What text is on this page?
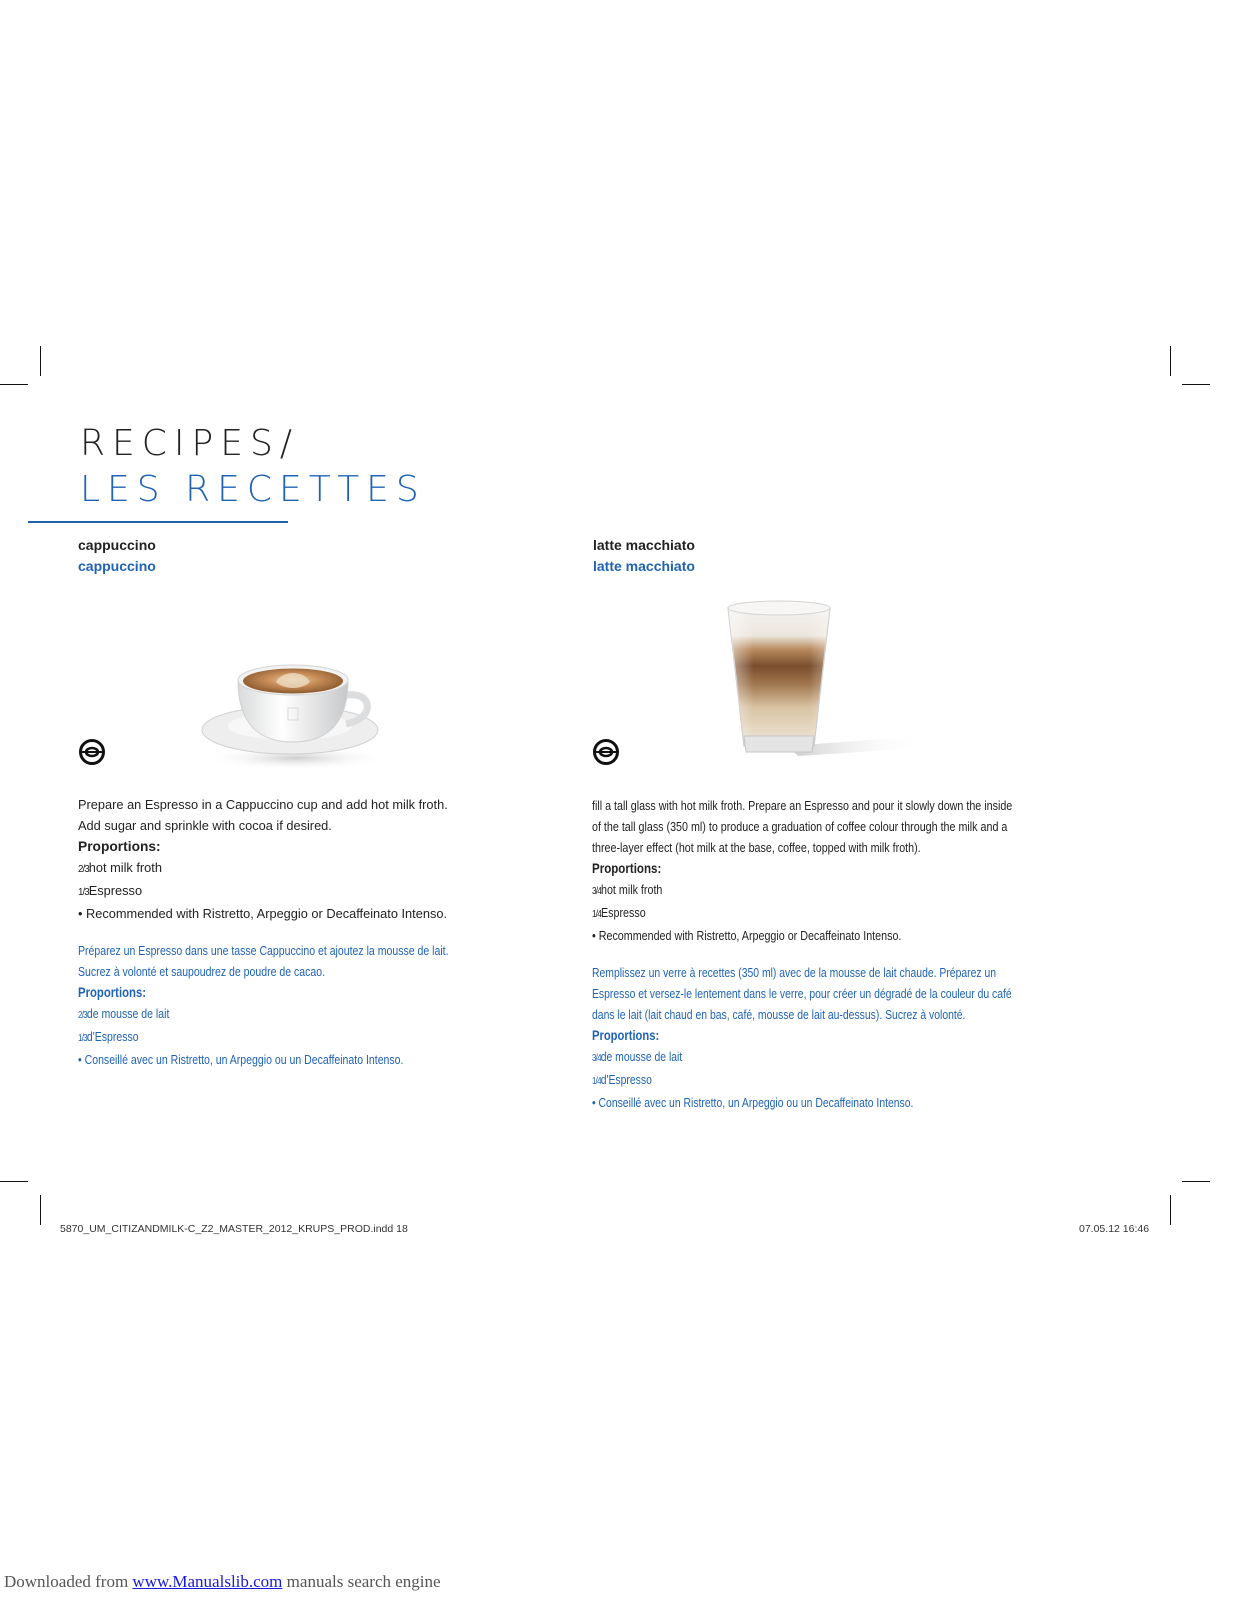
RECIPES/
LES RECETTES
cappuccino
cappuccino

Prepare an Espresso in a Cappuccino cup and add hot milk froth.

Add sugar and sprinkle with cocoa if desired.

Proportions:

2/3hot milk froth

1/3Espresso

• Recommended with Ristretto, Arpeggio or Decaffeinato Intenso.

Préparez un Espresso dans une tasse Cappuccino et ajoutez la mousse de lait.

Sucrez à volonté et saupoudrez de poudre de cacao.

Proportions:

2/3de mousse de lait

1/3d'Espresso

• Conseillé avec un Ristretto, un Arpeggio ou un Decaffeinato Intenso.

latte macchiato
latte macchiato

fill a tall glass with hot milk froth. Prepare an Espresso and pour it slowly down the inside

of the tall glass (350 ml) to produce a graduation of coffee colour through the milk and a

three-layer effect (hot milk at the base, coffee, topped with milk froth).

Proportions:

3/4hot milk froth

1/4Espresso

• Recommended with Ristretto, Arpeggio or Decaffeinato Intenso.

Remplissez un verre à recettes (350 ml) avec de la mousse de lait chaude. Préparez un

Espresso et versez-le lentement dans le verre, pour créer un dégradé de la couleur du café

dans le lait (lait chaud en bas, café, mousse de lait au-dessus). Sucrez à volonté.

Proportions:

3/4de mousse de lait

1/4d'Espresso

• Conseillé avec un Ristretto, un Arpeggio ou un Decaffeinato Intenso.

5870_UM_CITIZANDMILK-C_Z2_MASTER_2012_KRUPS_PROD.indd 18	07.05.12 16:46
Downloaded from www.Manualslib.com manuals search engine
